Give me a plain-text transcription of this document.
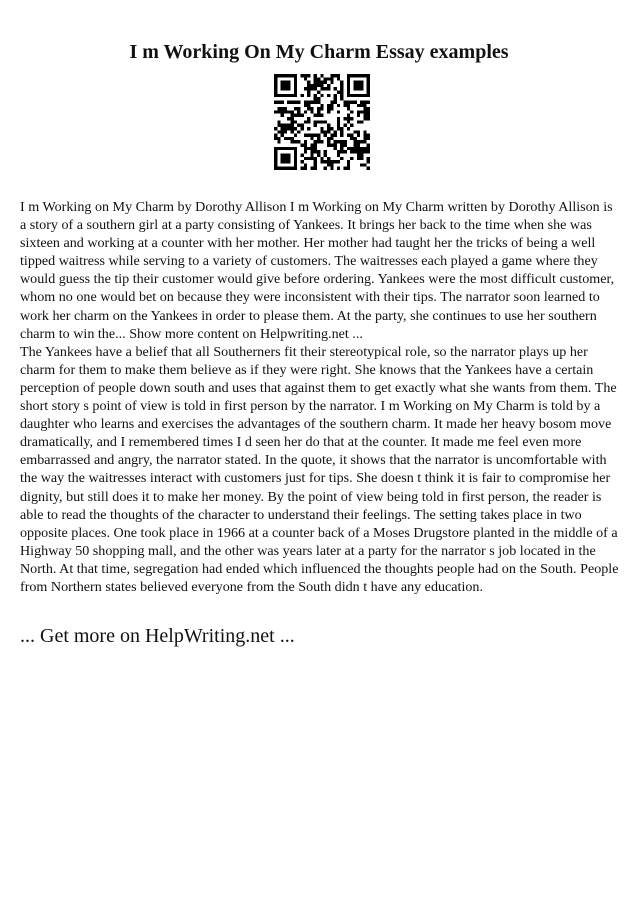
I m Working On My Charm Essay examples

I m Working on My Charm by Dorothy Allison I m Working on My Charm written by Dorothy Allison is a story of a southern girl at a party consisting of Yankees. It brings her back to the time when she was sixteen and working at a counter with her mother. Her mother had taught her the tricks of being a well tipped waitress while serving to a variety of customers. The waitresses each played a game where they would guess the tip their customer would give before ordering. Yankees were the most difficult customer, whom no one would bet on because they were inconsistent with their tips. The narrator soon learned to work her charm on the Yankees in order to please them. At the party, she continues to use her southern charm to win the... Show more content on Helpwriting.net ...

The Yankees have a belief that all Southerners fit their stereotypical role, so the narrator plays up her charm for them to make them believe as if they were right. She knows that the Yankees have a certain perception of people down south and uses that against them to get exactly what she wants from them. The short story s point of view is told in first person by the narrator. I m Working on My Charm is told by a daughter who learns and exercises the advantages of the southern charm. It made her heavy bosom move dramatically, and I remembered times I d seen her do that at the counter. It made me feel even more embarrassed and angry, the narrator stated. In the quote, it shows that the narrator is uncomfortable with the way the waitresses interact with customers just for tips. She doesn t think it is fair to compromise her dignity, but still does it to make her money. By the point of view being told in first person, the reader is able to read the thoughts of the character to understand their feelings. The setting takes place in two opposite places. One took place in 1966 at a counter back of a Moses Drugstore planted in the middle of a Highway 50 shopping mall, and the other was years later at a party for the narrator s job located in the North. At that time, segregation had ended which influenced the thoughts people had on the South. People from Northern states believed everyone from the South didn t have any education.

... Get more on HelpWriting.net ...
